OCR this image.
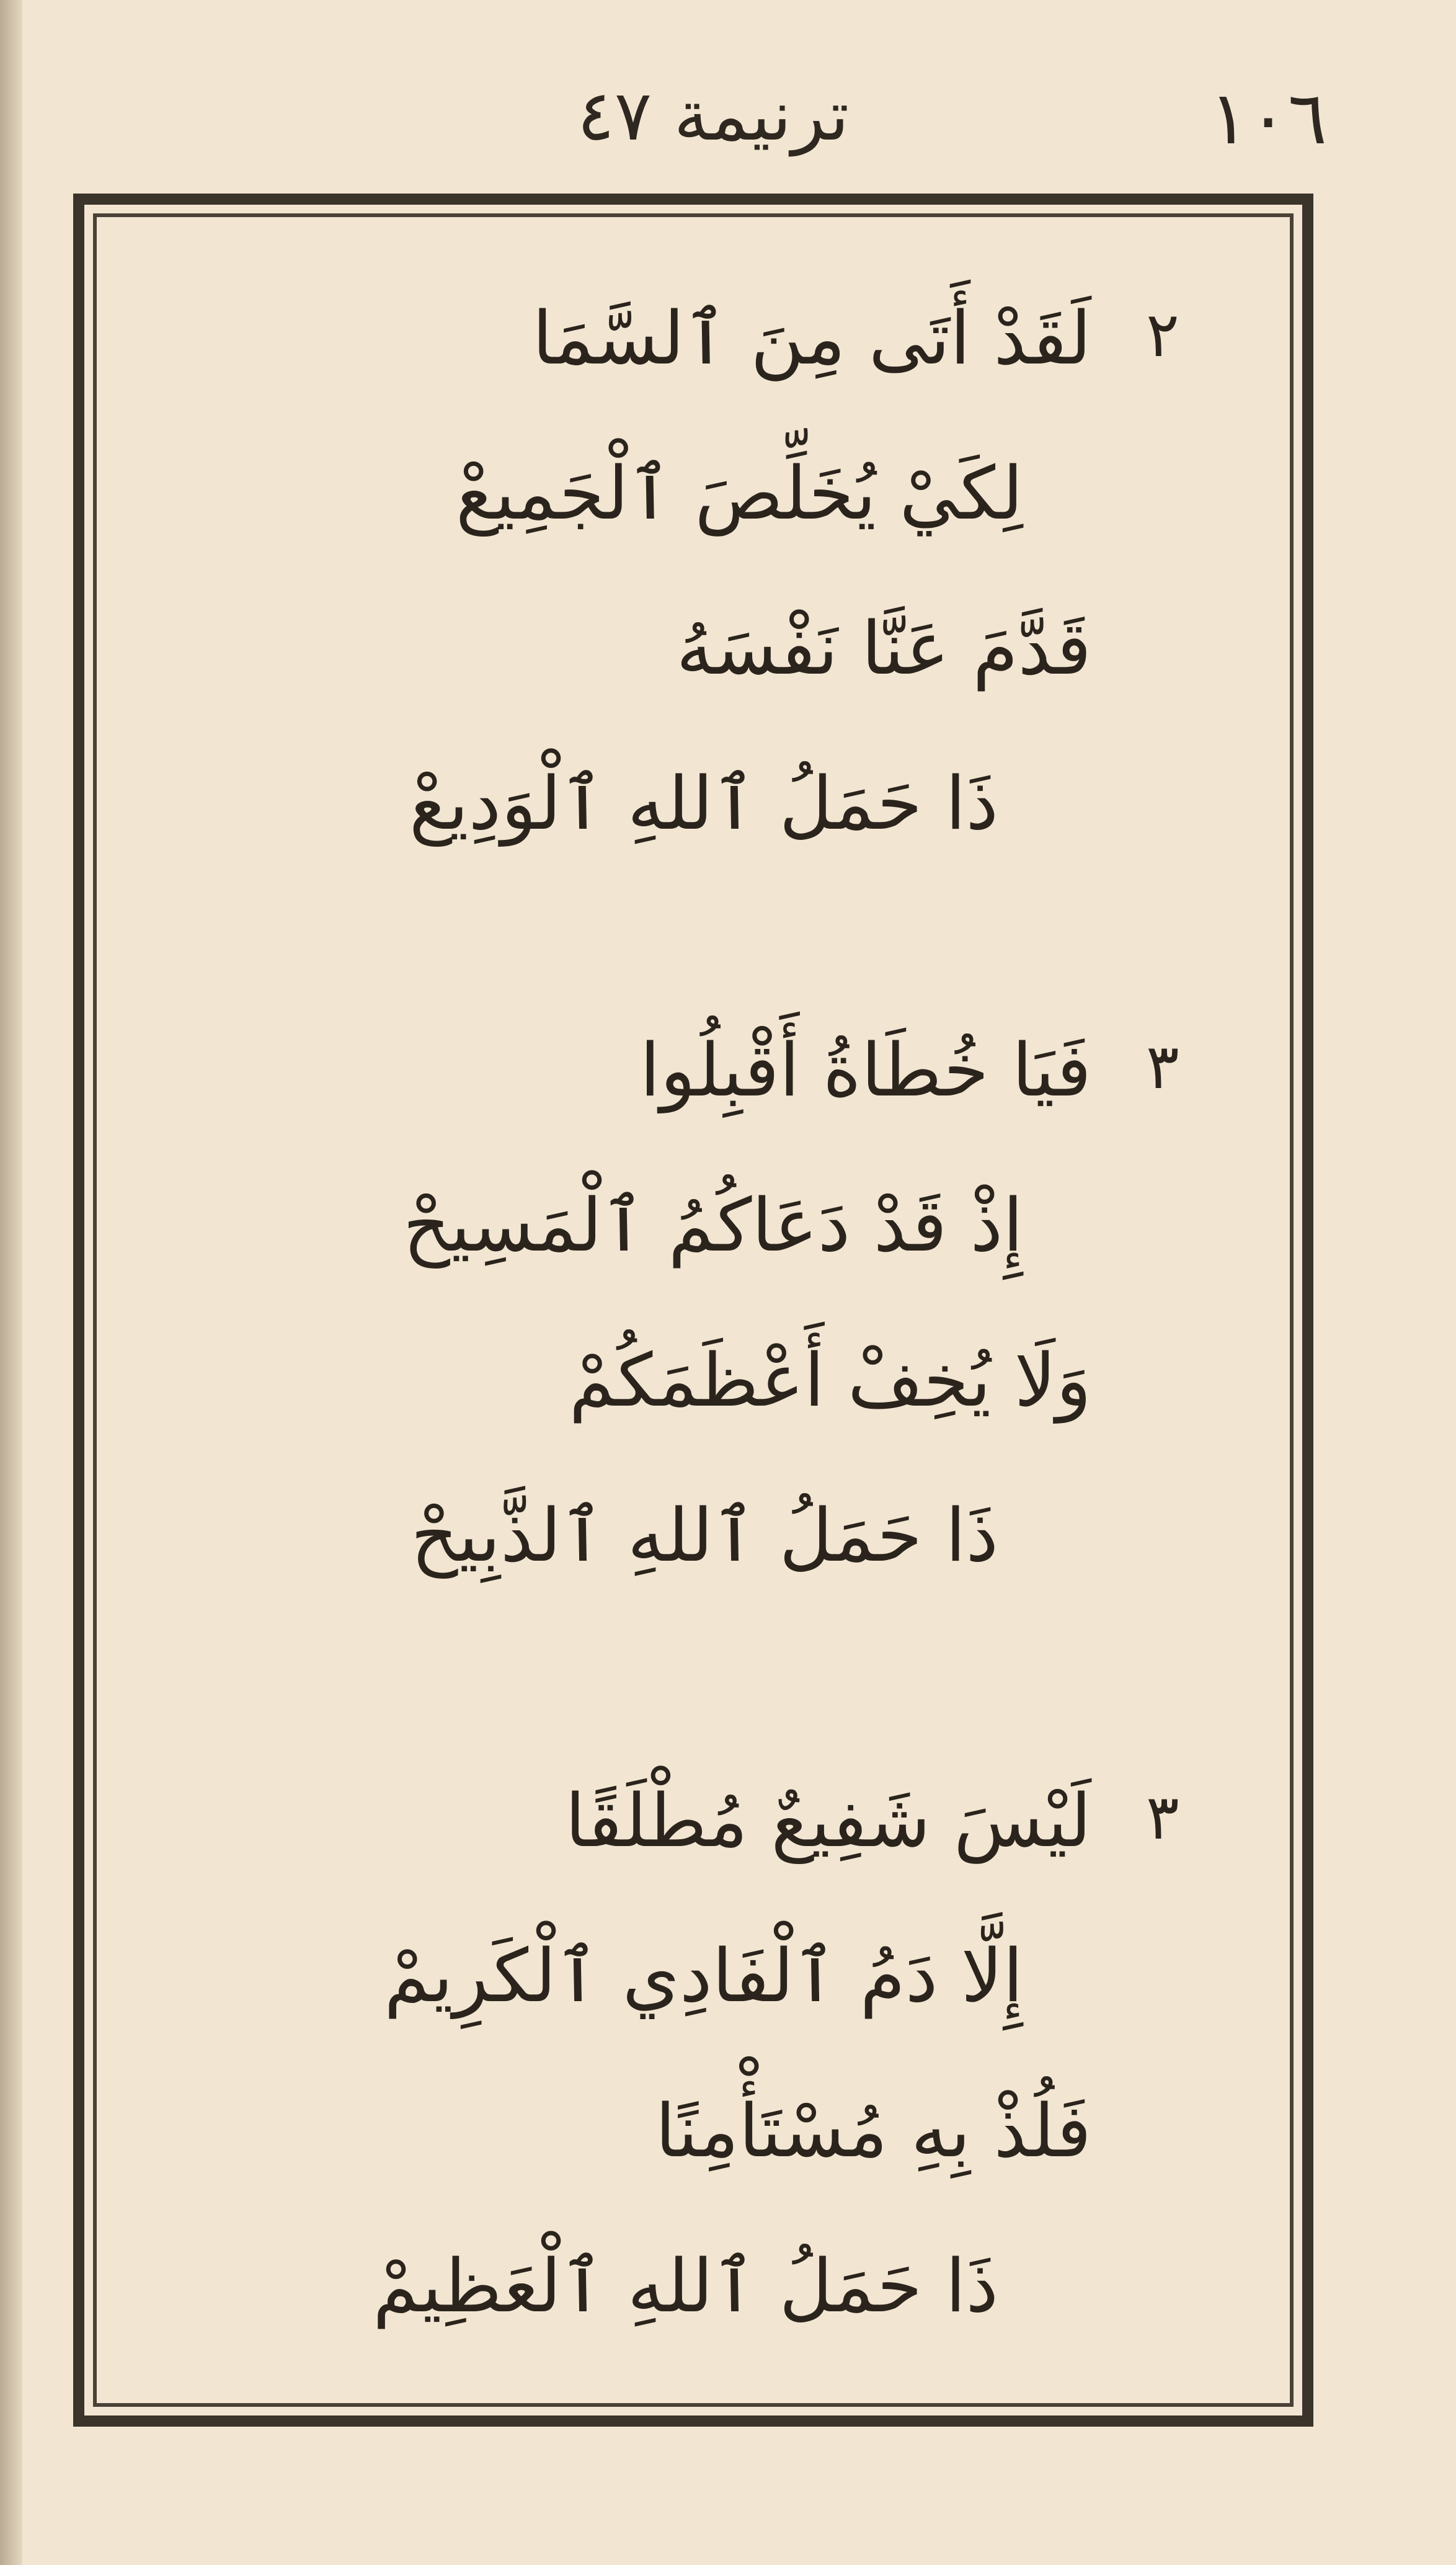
١٠٦
ترنيمة ٤٧
٢
لَقَدْ أَتَى مِنَ ٱلسَّمَا
لِكَيْ يُخَلِّصَ ٱلْجَمِيعْ
قَدَّمَ عَنَّا نَفْسَهُ
ذَا حَمَلُ ٱللهِ ٱلْوَدِيعْ
٣
فَيَا خُطَاةُ أَقْبِلُوا
إِذْ قَدْ دَعَاكُمُ ٱلْمَسِيحْ
وَلَا يُخِفْ أَعْظَمَكُمْ
ذَا حَمَلُ ٱللهِ ٱلذَّبِيحْ
٣
لَيْسَ شَفِيعٌ مُطْلَقًا
إِلَّا دَمُ ٱلْفَادِي ٱلْكَرِيمْ
فَلُذْ بِهِ مُسْتَأْمِنًا
ذَا حَمَلُ ٱللهِ ٱلْعَظِيمْ
